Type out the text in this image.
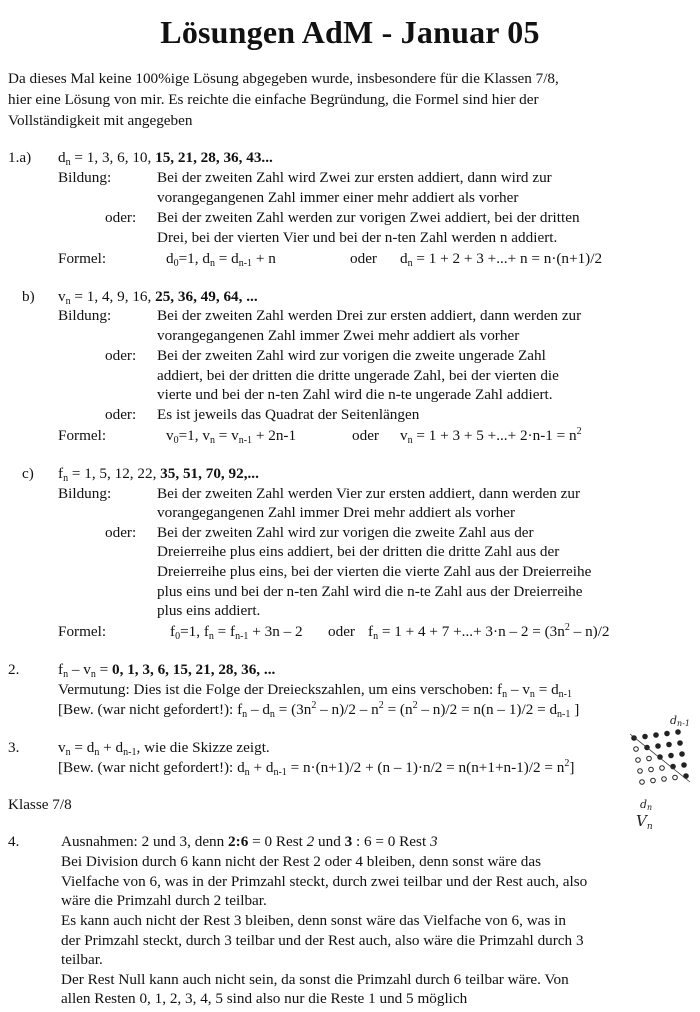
Lösungen AdM - Januar 05
Da dieses Mal keine 100%ige Lösung abgegeben wurde, insbesondere für die Klassen 7/8,
hier eine Lösung von mir. Es reichte die einfache Begründung, die Formel sind hier der
Vollständigkeit mit angegeben
1.a) $d_n = 1$, 3, 6, 10, 15, 21, 28, 36, 43...
Bildung:	Bei der zweiten Zahl wird Zwei zur ersten addiert, dann wird zur
vorangegangenen Zahl immer einer mehr addiert als vorher
oder: Bei der zweiten Zahl werden zur vorigen Zwei addiert, bei der dritten
Drei, bei der vierten Vier und bei der n-ten Zahl werden n addiert.
Formel:	$d_0=1$, $d_n = d_{n-1} + n$	oder $d_n = 1 + 2 + 3$ +...+ n = n·(n+1)/2
b) $v_n = 1$, 4, 9, 16, 25, 36, 49, 64, ...
Bildung:	Bei der zweiten Zahl werden Drei zur ersten addiert, dann werden zur
vorangegangenen Zahl immer Zwei mehr addiert als vorher
oder: Bei der zweiten Zahl wird zur vorigen die zweite ungerade Zahl
addiert, bei der dritten die dritte ungerade Zahl, bei der vierten die
vierte und bei der n-ten Zahl wird die n-te ungerade Zahl addiert.
oder: Es ist jeweils das Quadrat der Seitenlängen
Formel:	$v_0=1$, $v_n = v_{n-1} + 2n-1$	oder $v_n = 1 + 3 + 5$ +...+ $2\cdot n-1 = n^2$
c) $f_n = 1$, 5, 12, 22, 35, 51, 70, 92,...
Bildung:	Bei der zweiten Zahl werden Vier zur ersten addiert, dann werden zur
vorangegangenen Zahl immer Drei mehr addiert als vorher
oder: Bei der zweiten Zahl wird zur vorigen die zweite Zahl aus der
Dreierreihe plus eins addiert, bei der dritten die dritte Zahl aus der
Dreierreihe plus eins, bei der vierten die vierte Zahl aus der Dreierreihe
plus eins und bei der n-ten Zahl wird die n-te Zahl aus der Dreierreihe
plus eins addiert.
Formel:	$f_0=1$, $f_n = f_{n-1} + 3n - 2$ oder $f_n = 1 + 4 + 7$ +...+ $3\cdot n - 2 = (3n^2 - n)/2$
2.	$f_n - v_n = 0$, 1, 3, 6, 15, 21, 28, 36, ...
Vermutung: Dies ist die Folge der Dreieckszahlen, um eins verschoben: $f_n - v_n = d_{n-1}$
[Bew. (war nicht gefordert!): $f_n - d_n = (3n^2 - n)/2 - n^2 = (n^2 - n)/2 = n(n - 1)/2 = d_{n-1}$ ]
3.	$v_n = d_n + d_{n-1}$, wie die Skizze zeigt.
[Bew. (war nicht gefordert!): $d_n + d_{n-1} = n\cdot(n+1)/2 + (n - 1)\cdot n/2 = n(n+1+n-1)/2 = n^2$]
Klasse 7/8
4.	Ausnahmen: 2 und 3, denn 2:6 = 0 Rest 2 und 3 : 6 = 0 Rest 3
Bei Division durch 6 kann nicht der Rest 2 oder 4 bleiben, denn sonst wäre das
Vielfache von 6, was in der Primzahl steckt, durch zwei teilbar und der Rest auch, also
wäre die Primzahl durch 2 teilbar.
Es kann auch nicht der Rest 3 bleiben, denn sonst wäre das Vielfache von 6, was in
der Primzahl steckt, durch 3 teilbar und der Rest auch, also wäre die Primzahl durch 3
teilbar.
Der Rest Null kann auch nicht sein, da sonst die Primzahl durch 6 teilbar wäre. Von
allen Resten 0, 1, 2, 3, 4, 5 sind also nur die Reste 1 und 5 möglich
dn-1
dn
$V_n$
